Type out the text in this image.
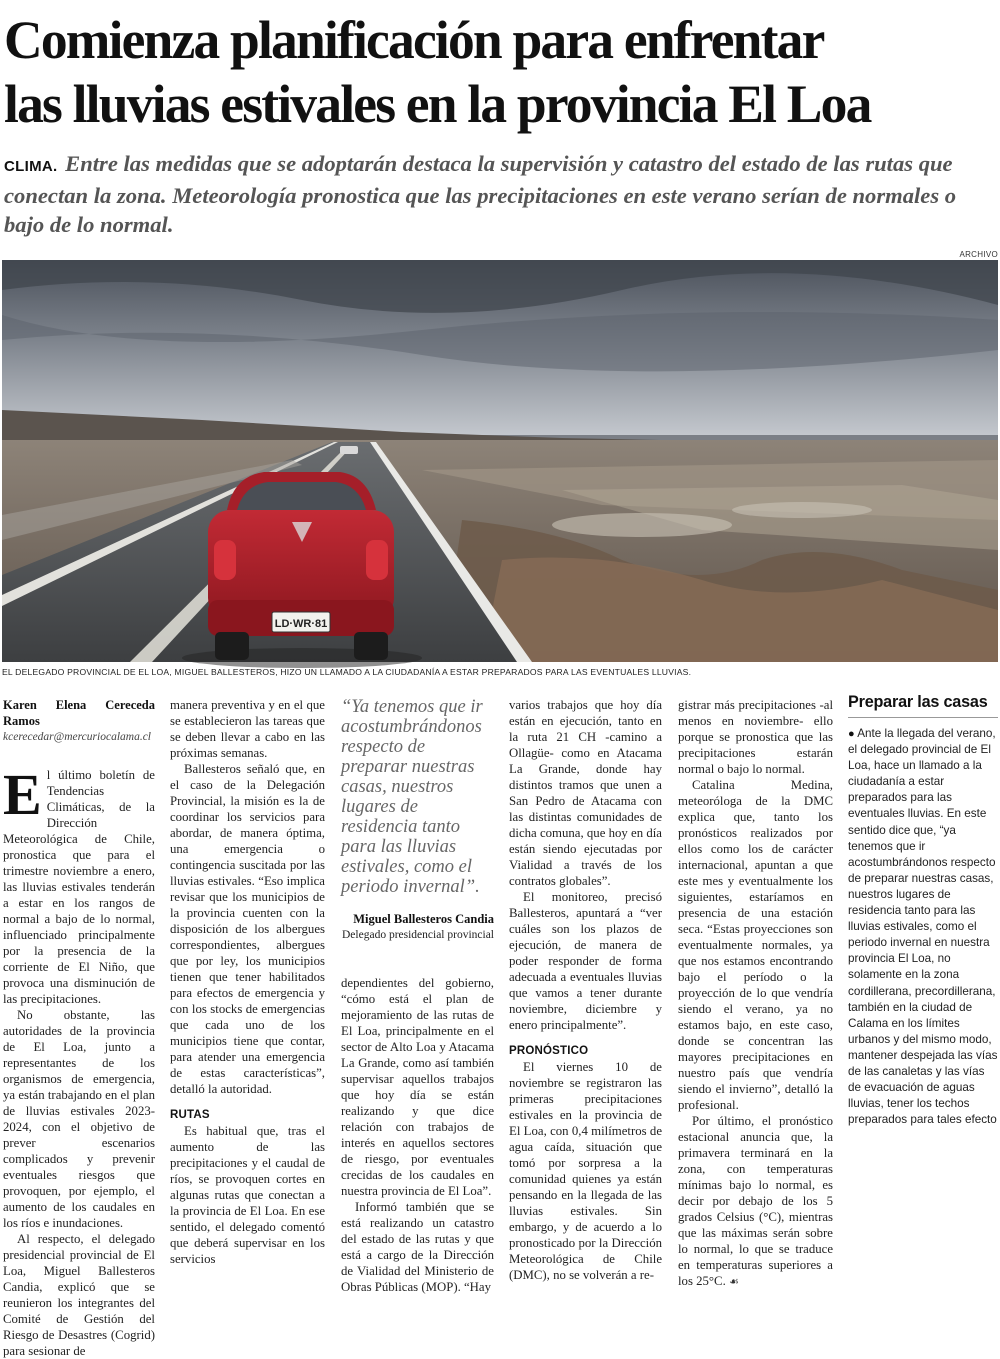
Comienza planificación para enfrentar
las lluvias estivales en la provincia El Loa
CLIMA. Entre las medidas que se adoptarán destaca la supervisión y catastro del estado de las rutas que conectan la zona. Meteorología pronostica que las precipitaciones en este verano serían de normales o bajo de lo normal.
ARCHIVO
LD·WR·81
EL DELEGADO PROVINCIAL DE EL LOA, MIGUEL BALLESTEROS, HIZO UN LLAMADO A LA CIUDADANÍA A ESTAR PREPARADOS PARA LAS EVENTUALES LLUVIAS.

Karen Elena Cereceda Ramos

kcerecedar@mercuriocalama.cl

El último boletín de Tendencias Climáticas, de la Dirección Meteorológica de Chile, pronostica que para el trimestre noviembre a enero, las lluvias estivales tenderán a estar en los rangos de normal a bajo de lo normal, influenciado principalmente por la presencia de la corriente de El Niño, que provoca una disminución de las precipitaciones.

No obstante, las autoridades de la provincia de El Loa, junto a representantes de los organismos de emergencia, ya están trabajando en el plan de lluvias estivales 2023-2024, con el objetivo de prever escenarios complicados y prevenir eventuales riesgos que provoquen, por ejemplo, el aumento de los caudales en los ríos e inundaciones.

Al respecto, el delegado presidencial provincial de El Loa, Miguel Ballesteros Candia, explicó que se reunieron los integrantes del Comité de Gestión del Riesgo de Desastres (Cogrid) para sesionar de

manera preventiva y en el que se establecieron las tareas que se deben llevar a cabo en las próximas semanas.

Ballesteros señaló que, en el caso de la Delegación Provincial, la misión es la de coordinar los servicios para abordar, de manera óptima, una emergencia o contingencia suscitada por las lluvias estivales. “Eso implica revisar que los municipios de la provincia cuenten con la disposición de los albergues correspondientes, albergues que por ley, los municipios tienen que tener habilitados para efectos de emergencia y con los stocks de emergencias que cada uno de los municipios tiene que contar, para atender una emergencia de estas características”, detalló la autoridad.

RUTAS

Es habitual que, tras el aumento de las precipitaciones y el caudal de ríos, se provoquen cortes en algunas rutas que conectan a la provincia de El Loa. En ese sentido, el delegado comentó que deberá supervisar en los servicios

“Ya tenemos que ir acostumbrándonos respecto de preparar nuestras casas, nuestros lugares de residencia tanto para las lluvias estivales, como el periodo invernal”.

Miguel Ballesteros Candia

Delegado presidencial provincial

dependientes del gobierno, “cómo está el plan de mejoramiento de las rutas de El Loa, principalmente en el sector de Alto Loa y Atacama La Grande, como así también supervisar aquellos trabajos que hoy día se están realizando y que dice relación con trabajos de interés en aquellos sectores de riesgo, por eventuales crecidas de los caudales en nuestra provincia de El Loa”.

Informó también que se está realizando un catastro del estado de las rutas y que está a cargo de la Dirección de Vialidad del Ministerio de Obras Públicas (MOP). “Hay

varios trabajos que hoy día están en ejecución, tanto en la ruta 21 CH -camino a Ollagüe- como en Atacama La Grande, donde hay distintos tramos que unen a San Pedro de Atacama con las distintas comunidades de dicha comuna, que hoy en día están siendo ejecutadas por Vialidad a través de los contratos globales”.

El monitoreo, precisó Ballesteros, apuntará a “ver cuáles son los plazos de ejecución, de manera de poder responder de forma adecuada a eventuales lluvias que vamos a tener durante noviembre, diciembre y enero principalmente”.

PRONÓSTICO

El viernes 10 de noviembre se registraron las primeras precipitaciones estivales en la provincia de El Loa, con 0,4 milímetros de agua caída, situación que tomó por sorpresa a la comunidad quienes ya están pensando en la llegada de las lluvias estivales. Sin embargo, y de acuerdo a lo pronosticado por la Dirección Meteorológica de Chile (DMC), no se volverán a re-

gistrar más precipitaciones -al menos en noviembre- ello porque se pronostica que las precipitaciones estarán normal o bajo lo normal.

Catalina Medina, meteoróloga de la DMC explica que, tanto los pronósticos realizados por ellos como los de carácter internacional, apuntan a que este mes y eventualmente los siguientes, estaríamos en presencia de una estación seca. “Estas proyecciones son eventualmente normales, ya que nos estamos encontrando bajo el período o la proyección de lo que vendría siendo el verano, ya no estamos bajo, en este caso, donde se concentran las mayores precipitaciones en nuestro país que vendría siendo el invierno”, detalló la profesional.

Por último, el pronóstico estacional anuncia que, la primavera terminará en la zona, con temperaturas mínimas bajo lo normal, es decir por debajo de los 5 grados Celsius (°C), mientras que las máximas serán sobre lo normal, lo que se traduce en temperaturas superiores a los 25°C. ☙

Preparar las casas
● Ante la llegada del verano, el delegado provincial de El Loa, hace un llamado a la ciudadanía a estar preparados para las eventuales lluvias. En este sentido dice que, “ya tenemos que ir acostumbrándonos respecto de preparar nuestras casas, nuestros lugares de residencia tanto para las lluvias estivales, como el periodo invernal en nuestra provincia El Loa, no solamente en la zona cordillerana, precordillerana, también en la ciudad de Calama en los límites urbanos y del mismo modo, mantener despejada las vías de las canaletas y las vías de evacuación de aguas lluvias, tener los techos preparados para tales efecto
